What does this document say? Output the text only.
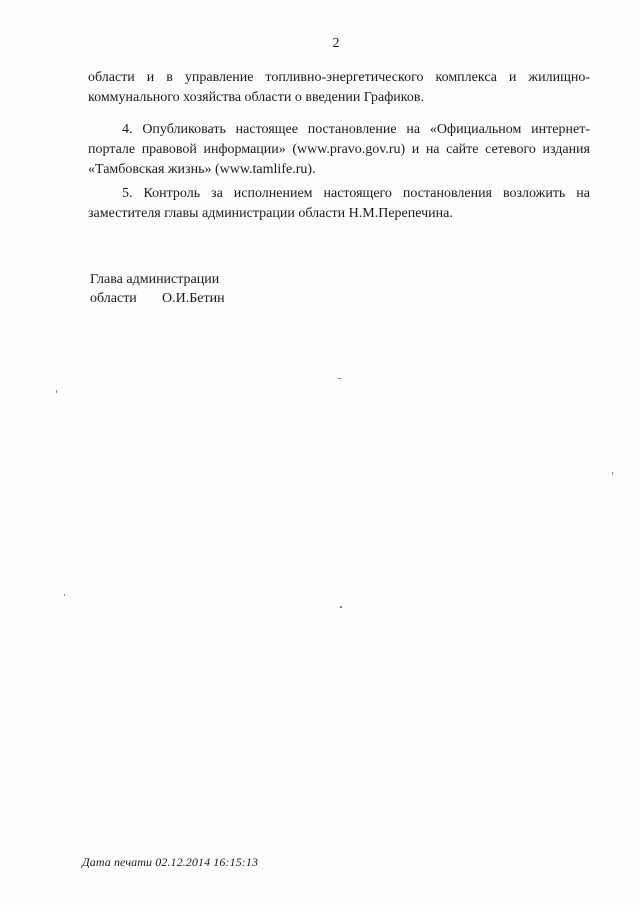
2
области и в управление топливно-энергетического комплекса и жилищно-коммунального хозяйства области о введении Графиков.
4. Опубликовать настоящее постановление на «Официальном интернет-портале правовой информации» (www.pravo.gov.ru) и на сайте сетевого издания «Тамбовская жизнь» (www.tamlife.ru).
5. Контроль за исполнением настоящего постановления возложить на заместителя главы администрации области Н.М.Перепечина.
Глава администрации
области О.И.Бетин
Дата печати 02.12.2014 16:15:13
